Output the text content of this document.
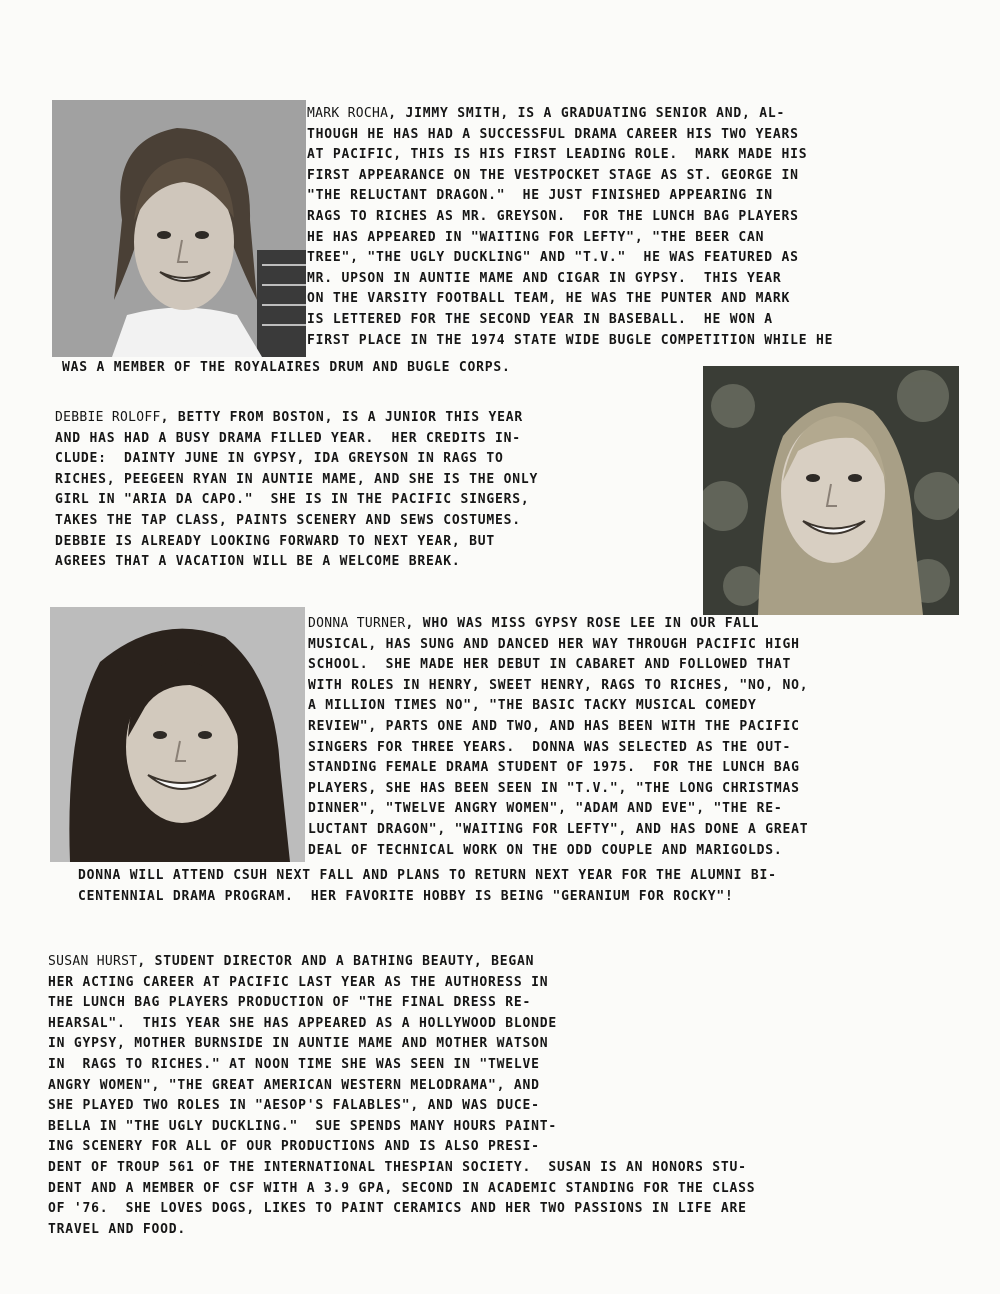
MARK ROCHA, JIMMY SMITH, IS A GRADUATING SENIOR AND, AL-
THOUGH HE HAS HAD A SUCCESSFUL DRAMA CAREER HIS TWO YEARS
AT PACIFIC, THIS IS HIS FIRST LEADING ROLE.  MARK MADE HIS
FIRST APPEARANCE ON THE VESTPOCKET STAGE AS ST. GEORGE IN
"THE RELUCTANT DRAGON."  HE JUST FINISHED APPEARING IN
RAGS TO RICHES AS MR. GREYSON.  FOR THE LUNCH BAG PLAYERS
HE HAS APPEARED IN "WAITING FOR LEFTY", "THE BEER CAN
TREE", "THE UGLY DUCKLING" AND "T.V."  HE WAS FEATURED AS
MR. UPSON IN AUNTIE MAME AND CIGAR IN GYPSY.  THIS YEAR
ON THE VARSITY FOOTBALL TEAM, HE WAS THE PUNTER AND MARK
IS LETTERED FOR THE SECOND YEAR IN BASEBALL.  HE WON A
FIRST PLACE IN THE 1974 STATE WIDE BUGLE COMPETITION WHILE HE
WAS A MEMBER OF THE ROYALAIRES DRUM AND BUGLE CORPS.
DEBBIE ROLOFF, BETTY FROM BOSTON, IS A JUNIOR THIS YEAR
AND HAS HAD A BUSY DRAMA FILLED YEAR.  HER CREDITS IN-
CLUDE:  DAINTY JUNE IN GYPSY, IDA GREYSON IN RAGS TO
RICHES, PEEGEEN RYAN IN AUNTIE MAME, AND SHE IS THE ONLY
GIRL IN "ARIA DA CAPO."  SHE IS IN THE PACIFIC SINGERS,
TAKES THE TAP CLASS, PAINTS SCENERY AND SEWS COSTUMES.
DEBBIE IS ALREADY LOOKING FORWARD TO NEXT YEAR, BUT
AGREES THAT A VACATION WILL BE A WELCOME BREAK.
DONNA TURNER, WHO WAS MISS GYPSY ROSE LEE IN OUR FALL
MUSICAL, HAS SUNG AND DANCED HER WAY THROUGH PACIFIC HIGH
SCHOOL.  SHE MADE HER DEBUT IN CABARET AND FOLLOWED THAT
WITH ROLES IN HENRY, SWEET HENRY, RAGS TO RICHES, "NO, NO,
A MILLION TIMES NO", "THE BASIC TACKY MUSICAL COMEDY
REVIEW", PARTS ONE AND TWO, AND HAS BEEN WITH THE PACIFIC
SINGERS FOR THREE YEARS.  DONNA WAS SELECTED AS THE OUT-
STANDING FEMALE DRAMA STUDENT OF 1975.  FOR THE LUNCH BAG
PLAYERS, SHE HAS BEEN SEEN IN "T.V.", "THE LONG CHRISTMAS
DINNER", "TWELVE ANGRY WOMEN", "ADAM AND EVE", "THE RE-
LUCTANT DRAGON", "WAITING FOR LEFTY", AND HAS DONE A GREAT
DEAL OF TECHNICAL WORK ON THE ODD COUPLE AND MARIGOLDS.
DONNA WILL ATTEND CSUH NEXT FALL AND PLANS TO RETURN NEXT YEAR FOR THE ALUMNI BI-
CENTENNIAL DRAMA PROGRAM.  HER FAVORITE HOBBY IS BEING "GERANIUM FOR ROCKY"!
SUSAN HURST, STUDENT DIRECTOR AND A BATHING BEAUTY, BEGAN
HER ACTING CAREER AT PACIFIC LAST YEAR AS THE AUTHORESS IN
THE LUNCH BAG PLAYERS PRODUCTION OF "THE FINAL DRESS RE-
HEARSAL".  THIS YEAR SHE HAS APPEARED AS A HOLLYWOOD BLONDE
IN GYPSY, MOTHER BURNSIDE IN AUNTIE MAME AND MOTHER WATSON
IN  RAGS TO RICHES." AT NOON TIME SHE WAS SEEN IN "TWELVE
ANGRY WOMEN", "THE GREAT AMERICAN WESTERN MELODRAMA", AND
SHE PLAYED TWO ROLES IN "AESOP'S FALABLES", AND WAS DUCE-
BELLA IN "THE UGLY DUCKLING."  SUE SPENDS MANY HOURS PAINT-
ING SCENERY FOR ALL OF OUR PRODUCTIONS AND IS ALSO PRESI-
DENT OF TROUP 561 OF THE INTERNATIONAL THESPIAN SOCIETY.  SUSAN IS AN HONORS STU-
DENT AND A MEMBER OF CSF WITH A 3.9 GPA, SECOND IN ACADEMIC STANDING FOR THE CLASS
OF '76.  SHE LOVES DOGS, LIKES TO PAINT CERAMICS AND HER TWO PASSIONS IN LIFE ARE
TRAVEL AND FOOD.
